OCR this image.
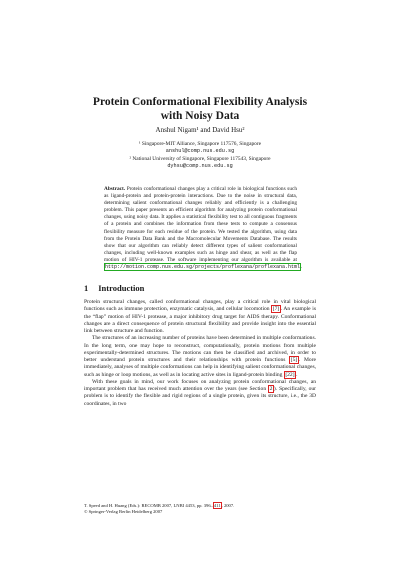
Protein Conformational Flexibility Analysis
with Noisy Data
Anshul Nigam¹ and David Hsu²
¹ Singapore-MIT Alliance, Singapore 117576, Singapore
anshul@comp.nus.edu.sg
² National University of Singapore, Singapore 117543, Singapore
dyhsu@comp.nus.edu.sg
Abstract. Protein conformational changes play a critical role in biological functions such as ligand-protein and protein-protein interactions. Due to the noise in structural data, determining salient conformational changes reliably and efficiently is a challenging problem. This paper presents an efficient algorithm for analyzing protein conformational changes, using noisy data. It applies a statistical flexibility test to all contiguous fragments of a protein and combines the information from these tests to compute a consensus flexibility measure for each residue of the protein. We tested the algorithm, using data from the Protein Data Bank and the Macromolecular Movements Database. The results show that our algorithm can reliably detect different types of salient conformational changes, including well-known examples such as hinge and shear, as well as the flap motion of HIV-1 protease. The software implementing our algorithm is available at http://motion.comp.nus.edu.sg/projects/proflexana/proflexana.html.
1 Introduction

Protein structural changes, called conformational changes, play a critical role in vital biological functions such as immune protection, enzymatic catalysis, and cellular locomotion [7] . An example is the “flap” motion of HIV-1 protease, a major inhibitory drug target for AIDS therapy. Conformational changes are a direct consequence of protein structural flexibility and provide insight into the essential link between structure and function.

The structures of an increasing number of proteins have been determined in multiple conformations. In the long term, one may hope to reconstruct, computationally, protein motions from multiple experimentally-determined structures. The motions can then be classified and archived, in order to better understand protein structures and their relationships with protein functions [5] . More immediately, analyses of multiple conformations can help in identifying salient conformational changes, such as hinge or loop motions, as well as in locating active sites in ligand-protein binding [22] .

With these goals in mind, our work focuses on analyzing protein conformational changes, an important problem that has received much attention over the years (see Section 2 ). Specifically, our problem is to identify the flexible and rigid regions of a single protein, given its structure, i.e., the 3D coordinates, in two

T. Speed and H. Huang (Eds.): RECOMB 2007, LNBI 4453, pp. 396–411, 2007.
© Springer-Verlag Berlin Heidelberg 2007
